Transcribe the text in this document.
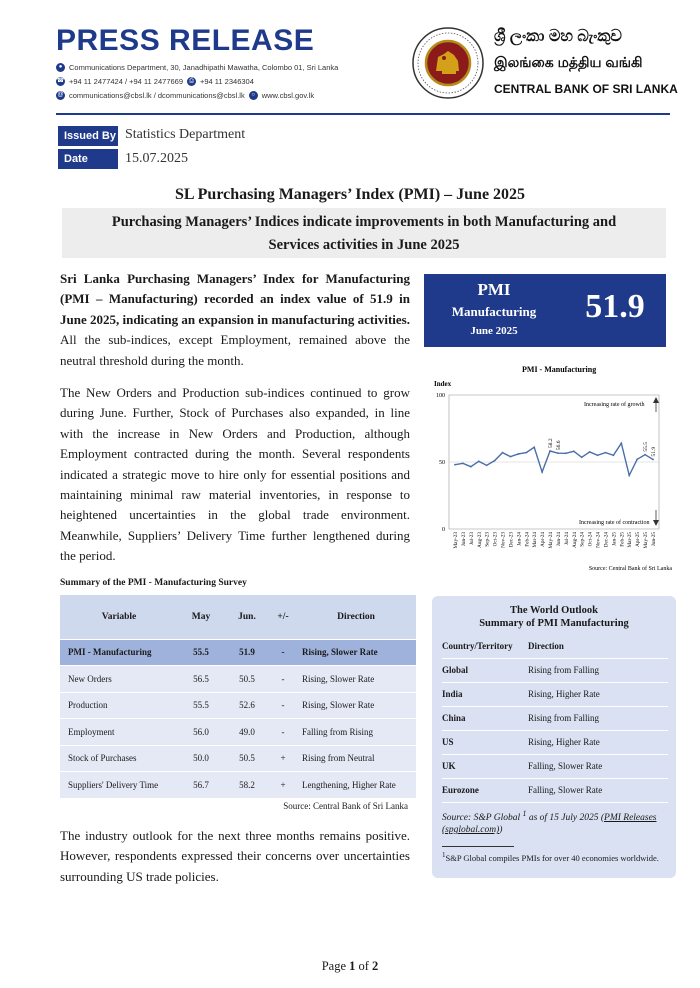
PRESS RELEASE
● Communications Department, 30, Janadhipathi Mawatha, Colombo 01, Sri Lanka
☎ +94 11 2477424 / +94 11 2477669	⎙ +94 11 2346304
@ communications@cbsl.lk / dcommunications@cbsl.lk	○ www.cbsl.gov.lk
ශ්‍රී ලංකා මහ බැංකුව
இலங்கை மத்திய வங்கி
CENTRAL BANK OF SRI LANKA
Issued By Statistics Department
Date	15.07.2025
SL Purchasing Managers’ Index (PMI) – June 2025
Purchasing Managers’ Indices indicate improvements in both Manufacturing and
Services activities in June 2025
Sri Lanka Purchasing Managers’ Index for Manufacturing (PMI – Manufacturing) recorded an index value of 51.9 in June 2025, indicating an expansion in manufacturing activities. All the sub-indices, except Employment, remained above the neutral threshold during the month.
The New Orders and Production sub-indices continued to grow during June. Further, Stock of Purchases also expanded, in line with the increase in New Orders and Production, although Employment contracted during the month. Several respondents indicated a strategic move to hire only for essential positions and maintaining minimal raw material inventories, in response to heightened uncertainties in the global trade environment. Meanwhile, Suppliers’ Delivery Time further lengthened during the period.
The industry outlook for the next three months remains positive. However, respondents expressed their concerns over uncertainties surrounding US trade policies.
PMI
Manufacturing
June 2025
51.9
PMI - Manufacturing
Index
0
50
100
Increasing rate of growth
Increasing rate of contraction
58.2 56.6	55.5
51.9
May-23 Jun-23 Jul-23 Aug-23 Sep-23 Oct-23 Nov-23 Dec-23 Jan-24 Feb-24 Mar-24 Apr-24 May-24 Jun-24 Jul-24 Aug-24 Sep-24 Oct-24 Nov-24 Dec-24 Jan-25 Feb-25 Mar-25 Apr-25 May-25 Jun-25
Source: Central Bank of Sri Lanka
Summary of the PMI - Manufacturing Survey
Variable	May	Jun.	+/-	Direction
PMI - Manufacturing	55.5	51.9	-	Rising, Slower Rate
New Orders	56.5	50.5	-	Rising, Slower Rate
Production	55.5	52.6	-	Rising, Slower Rate
Employment	56.0	49.0	-	Falling from Rising
Stock of Purchases	50.0	50.5	+	Rising from Neutral
Suppliers' Delivery Time	56.7	58.2	+	Lengthening, Higher Rate
Source: Central Bank of Sri Lanka
The World Outlook
Summary of PMI Manufacturing
Country/Territory	Direction
Global	Rising from Falling
India	Rising, Higher Rate
China	Rising from Falling
US	Rising, Higher Rate
UK	Falling, Slower Rate
Eurozone	Falling, Slower Rate
Source: S&P Global $^1$ as of 15 July 2025 (PMI Releases (spglobal.com))
$^1$S&P Global compiles PMIs for over 40 economies worldwide.
Page 1 of 2
